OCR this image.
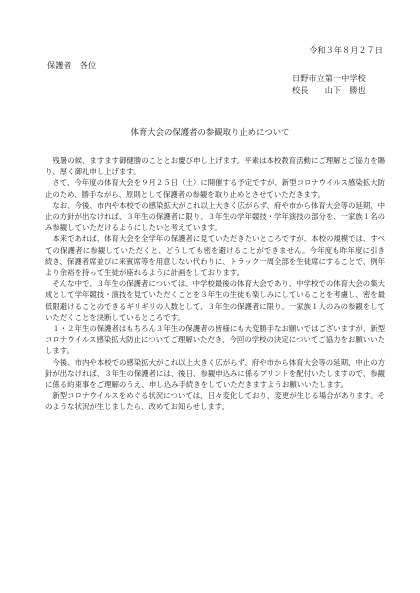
令和３年８月２７日
保護者　各位
日野市立第一中学校
校長　　山下　勝也
体育大会の保護者の参観取り止めについて

残暑の候、ますます御健勝のこととお慶び申し上げます。平素は本校教育活動にご理解とご協力を賜り、厚く御礼申し上げます。

さて、今年度の体育大会を９月２５日（土）に開催する予定ですが、新型コロナウイルス感染拡大防止のため、勝手ながら、原則として保護者の参観を取り止めとさせていただきます。

なお、今後、市内や本校での感染拡大がこれ以上大きく広がらず、府や市から体育大会等の延期、中止の方針が出なければ、３年生の保護者に限り、３年生の学年競技・学年演技の部分を、一家族１名のみ参観していただけるようにしたいと考えています。

本来であれば、体育大会を全学年の保護者に見ていただきたいところですが、本校の規模では、すべての保護者に参観していただくと、どうしても密を避けることができません。今年度も昨年度に引き続き、保護者席並びに来賓席等を用意しない代わりに、トラック一周全部を生徒席にすることで、例年より余裕を持って生徒が座れるように計画をしております。

そんな中で、３年生の保護者については、中学校最後の体育大会であり、中学校での体育大会の集大成として学年競技・演技を見ていただくことを３年生の生徒も楽しみにしていることを考慮し、密を最低限避けることのできるギリギリの人数として、３年生の保護者に限り、一家族１人のみの参観をしていただくことを決断しているところです。

１・２年生の保護者はもちろん３年生の保護者の皆様にも大変勝手なお願いではございますが、新型コロナウイルス感染拡大防止についてご理解いただき、今回の学校の決定についてご協力をお願いいたします。

今後、市内や本校での感染拡大がこれ以上大きく広がらず、府や市から体育大会等の延期、中止の方針が出なければ、３年生の保護者には、後日、参観申込みに係るプリントを配付いたしますので、参観に係る約束事をご理解のうえ、申し込み手続きをしていただきますようお願いいたします。

新型コロナウイルスをめぐる状況については、日々変化しており、変更が生じる場合があります。そのような状況が生じましたら、改めてお知らせします。
